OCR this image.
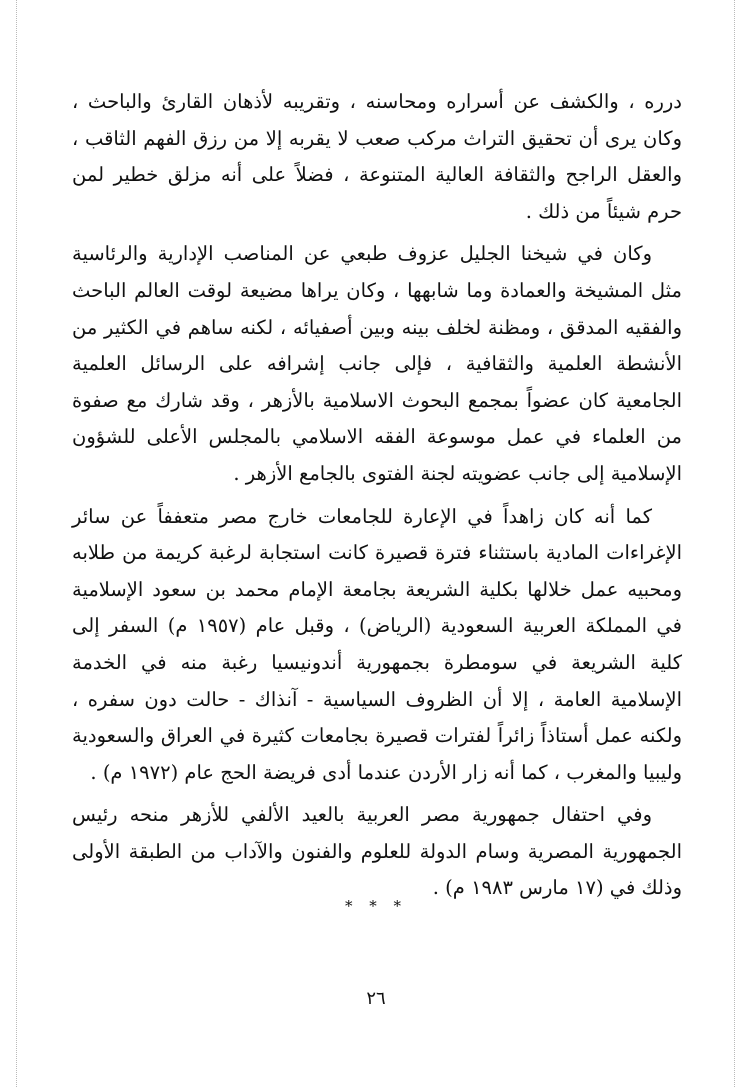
درره ، والكشف عن أسراره ومحاسنه ، وتقريبه لأذهان القارئ والباحث ، وكان يرى أن تحقيق التراث مركب صعب لا يقربه إلا من رزق الفهم الثاقب ، والعقل الراجح والثقافة العالية المتنوعة ، فضلاً على أنه مزلق خطير لمن حرم شيئاً من ذلك .

وكان في شيخنا الجليل عزوف طبعي عن المناصب الإدارية والرئاسية مثل المشيخة والعمادة وما شابهها ، وكان يراها مضيعة لوقت العالم الباحث والفقيه المدقق ، ومظنة لخلف بينه وبين أصفيائه ، لكنه ساهم في الكثير من الأنشطة العلمية والثقافية ، فإلى جانب إشرافه على الرسائل العلمية الجامعية كان عضواً بمجمع البحوث الاسلامية بالأزهر ، وقد شارك مع صفوة من العلماء في عمل موسوعة الفقه الاسلامي بالمجلس الأعلى للشؤون الإسلامية إلى جانب عضويته لجنة الفتوى بالجامع الأزهر .

كما أنه كان زاهداً في الإعارة للجامعات خارج مصر متعففاً عن سائر الإغراءات المادية باستثناء فترة قصيرة كانت استجابة لرغبة كريمة من طلابه ومحبيه عمل خلالها بكلية الشريعة بجامعة الإمام محمد بن سعود الإسلامية في المملكة العربية السعودية (الرياض) ، وقبل عام (١٩٥٧ م) السفر إلى كلية الشريعة في سومطرة بجمهورية أندونيسيا رغبة منه في الخدمة الإسلامية العامة ، إلا أن الظروف السياسية - آنذاك - حالت دون سفره ، ولكنه عمل أستاذاً زائراً لفترات قصيرة بجامعات كثيرة في العراق والسعودية وليبيا والمغرب ، كما أنه زار الأردن عندما أدى فريضة الحج عام (١٩٧٢ م) .

وفي احتفال جمهورية مصر العربية بالعيد الألفي للأزهر منحه رئيس الجمهورية المصرية وسام الدولة للعلوم والفنون والآداب من الطبقة الأولى وذلك في (١٧ مارس ١٩٨٣ م) .

* * *
٢٦
